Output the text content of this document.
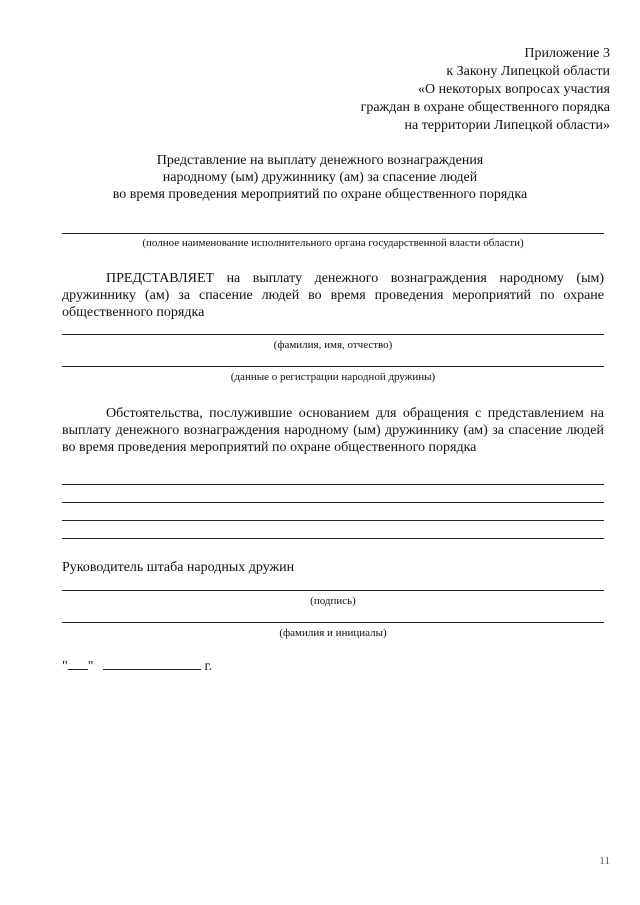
Приложение 3
к Закону Липецкой области
«О некоторых вопросах участия
граждан в охране общественного порядка
на территории Липецкой области»
Представление на выплату денежного вознаграждения
народному (ым) дружиннику (ам) за спасение людей
во время проведения мероприятий по охране общественного порядка
(полное наименование исполнительного органа государственной власти области)
ПРЕДСТАВЛЯЕТ на выплату денежного вознаграждения народному (ым) дружиннику (ам) за спасение людей во время проведения мероприятий по охране общественного порядка
(фамилия, имя, отчество)
(данные о регистрации народной дружины)
Обстоятельства, послужившие основанием для обращения с представлением на выплату денежного вознаграждения народному (ым) дружиннику (ам) за спасение людей во время проведения мероприятий по охране общественного порядка
Руководитель штаба народных дружин
(подпись)
(фамилия и инициалы)
" "	г.
11
